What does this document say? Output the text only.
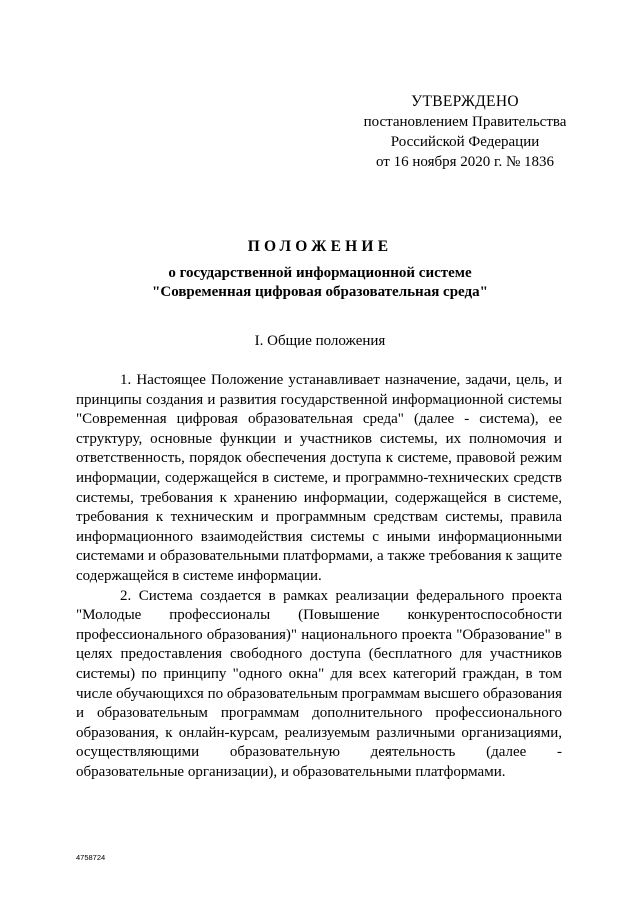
УТВЕРЖДЕНО
постановлением Правительства
Российской Федерации
от 16 ноября 2020 г. № 1836
ПОЛОЖЕНИЕ
о государственной информационной системе
"Современная цифровая образовательная среда"
I. Общие положения

1. Настоящее Положение устанавливает назначение, задачи, цель, и принципы создания и развития государственной информационной системы "Современная цифровая образовательная среда" (далее - система), ее структуру, основные функции и участников системы, их полномочия и ответственность, порядок обеспечения доступа к системе, правовой режим информации, содержащейся в системе, и программно-технических средств системы, требования к хранению информации, содержащейся в системе, требования к техническим и программным средствам системы, правила информационного взаимодействия системы с иными информационными системами и образовательными платформами, а также требования к защите содержащейся в системе информации.

2. Система создается в рамках реализации федерального проекта "Молодые профессионалы (Повышение конкурентоспособности профессионального образования)" национального проекта "Образование" в целях предоставления свободного доступа (бесплатного для участников системы) по принципу "одного окна" для всех категорий граждан, в том числе обучающихся по образовательным программам высшего образования и образовательным программам дополнительного профессионального образования, к онлайн-курсам, реализуемым различными организациями, осуществляющими образовательную деятельность (далее - образовательные организации), и образовательными платформами.

4758724
